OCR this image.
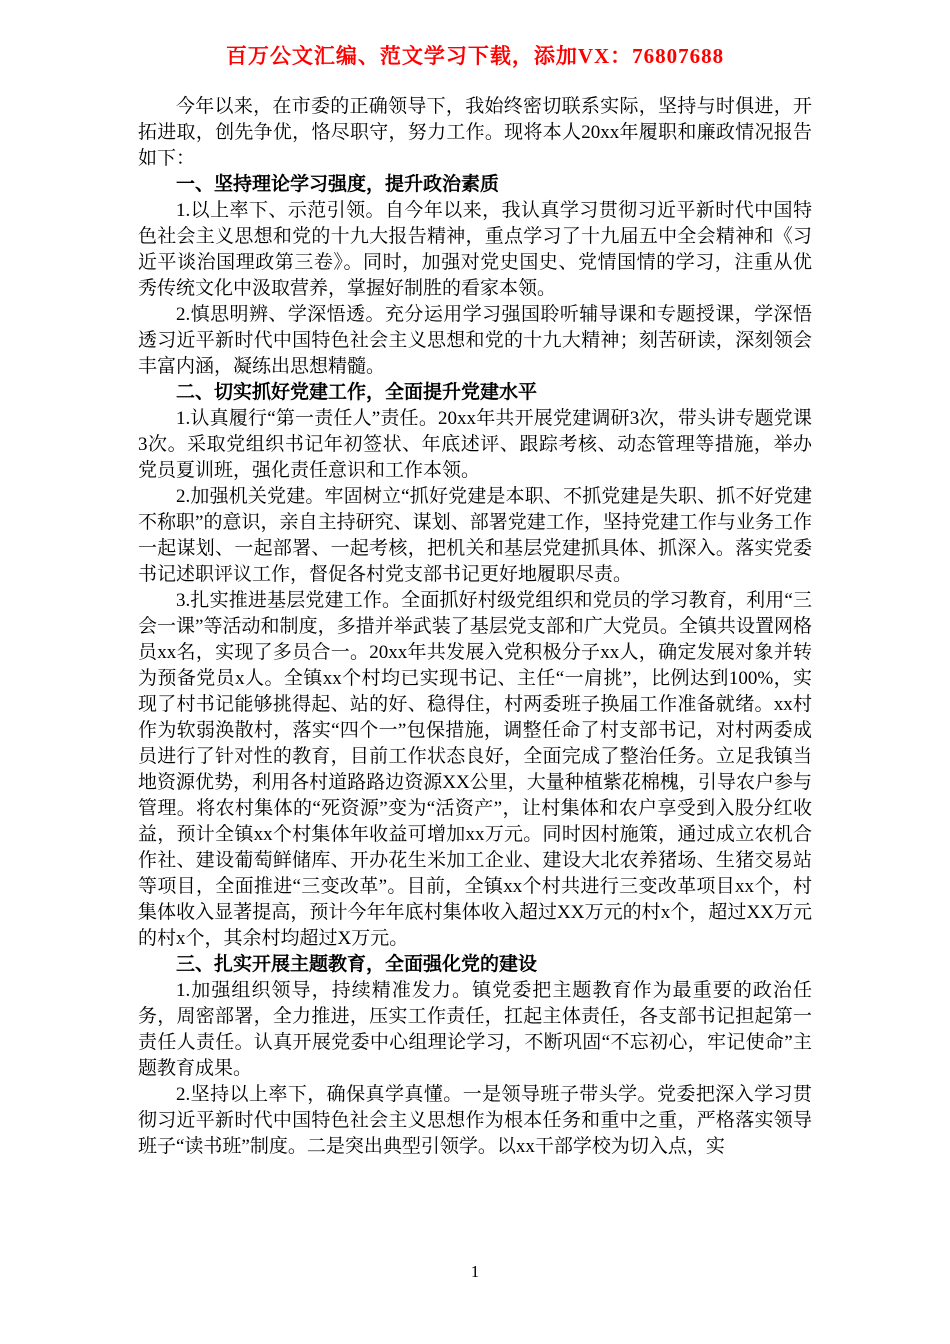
百万公文汇编、范文学习下载，添加VX：76807688

今年以来，在市委的正确领导下，我始终密切联系实际，坚持与时俱进，开拓进取，创先争优，恪尽职守，努力工作。现将本人20xx年履职和廉政情况报告如下：

一、坚持理论学习强度，提升政治素质

1.以上率下、示范引领。自今年以来，我认真学习贯彻习近平新时代中国特色社会主义思想和党的十九大报告精神，重点学习了十九届五中全会精神和《习近平谈治国理政第三卷》。同时，加强对党史国史、党情国情的学习，注重从优秀传统文化中汲取营养，掌握好制胜的看家本领。

2.慎思明辨、学深悟透。充分运用学习强国聆听辅导课和专题授课，学深悟透习近平新时代中国特色社会主义思想和党的十九大精神；刻苦研读，深刻领会丰富内涵，凝练出思想精髓。

二、切实抓好党建工作，全面提升党建水平

1.认真履行“第一责任人”责任。20xx年共开展党建调研3次，带头讲专题党课3次。采取党组织书记年初签状、年底述评、跟踪考核、动态管理等措施，举办党员夏训班，强化责任意识和工作本领。

2.加强机关党建。牢固树立“抓好党建是本职、不抓党建是失职、抓不好党建不称职”的意识，亲自主持研究、谋划、部署党建工作，坚持党建工作与业务工作一起谋划、一起部署、一起考核，把机关和基层党建抓具体、抓深入。落实党委书记述职评议工作，督促各村党支部书记更好地履职尽责。

3.扎实推进基层党建工作。全面抓好村级党组织和党员的学习教育，利用“三会一课”等活动和制度，多措并举武装了基层党支部和广大党员。全镇共设置网格员xx名，实现了多员合一。20xx年共发展入党积极分子xx人，确定发展对象并转为预备党员x人。全镇xx个村均已实现书记、主任“一肩挑”，比例达到100%，实现了村书记能够挑得起、站的好、稳得住，村两委班子换届工作准备就绪。xx村作为软弱涣散村，落实“四个一”包保措施，调整任命了村支部书记，对村两委成员进行了针对性的教育，目前工作状态良好，全面完成了整治任务。立足我镇当地资源优势，利用各村道路路边资源XX公里，大量种植紫花棉槐，引导农户参与管理。将农村集体的“死资源”变为“活资产”，让村集体和农户享受到入股分红收益，预计全镇xx个村集体年收益可增加xx万元。同时因村施策，通过成立农机合作社、建设葡萄鲜储库、开办花生米加工企业、建设大北农养猪场、生猪交易站等项目，全面推进“三变改革”。目前，全镇xx个村共进行三变改革项目xx个，村集体收入显著提高，预计今年年底村集体收入超过XX万元的村x个，超过XX万元的村x个，其余村均超过X万元。

三、扎实开展主题教育，全面强化党的建设

1.加强组织领导，持续精准发力。镇党委把主题教育作为最重要的政治任务，周密部署，全力推进，压实工作责任，扛起主体责任，各支部书记担起第一责任人责任。认真开展党委中心组理论学习，不断巩固“不忘初心，牢记使命”主题教育成果。

2.坚持以上率下，确保真学真懂。一是领导班子带头学。党委把深入学习贯彻习近平新时代中国特色社会主义思想作为根本任务和重中之重，严格落实领导班子“读书班”制度。二是突出典型引领学。以xx干部学校为切入点，实

1
